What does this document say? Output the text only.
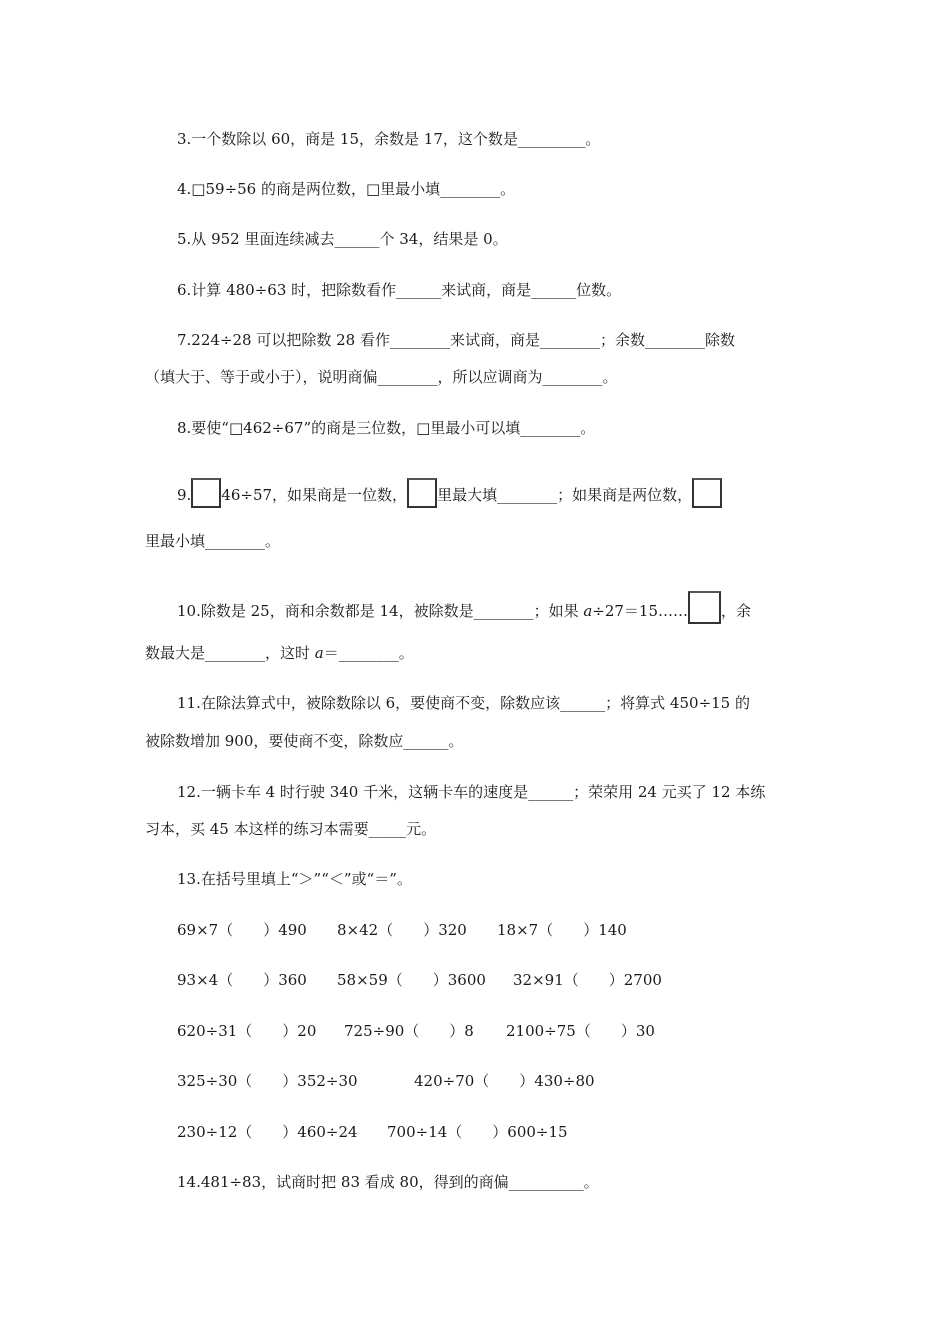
3.一个数除以 60，商是 15，余数是 17，这个数是_________。

4.□59÷56 的商是两位数，□里最小填________。

5.从 952 里面连续减去______个 34，结果是 0。

6.计算 480÷63 时，把除数看作______来试商，商是______位数。

7.224÷28 可以把除数 28 看作________来试商，商是________；余数________除数

（填大于、等于或小于），说明商偏________，所以应调商为________。

8.要使“□462÷67”的商是三位数，□里最小可以填________。

9. 46÷57，如果商是一位数， 里最大填________；如果商是两位数，

里最小填________。

10.除数是 25，商和余数都是 14，被除数是________；如果 𝑎÷27＝15…… ，余

数最大是________，这时 𝑎＝________。

11.在除法算式中，被除数除以 6，要使商不变，除数应该______；将算式 450÷15 的

被除数增加 900，要使商不变，除数应______。

12.一辆卡车 4 时行驶 340 千米，这辆卡车的速度是______；荣荣用 24 元买了 12 本练

习本，买 45 本这样的练习本需要_____元。

13.在括号里填上“＞”“＜”或“＝”。

69×7（　　）490 8×42（　　）320 18×7（　　）140

93×4（　　）360 58×59（　　）3600 32×91（　　）2700

620÷31（　　）20 725÷90（　　）8 2100÷75（　　）30

325÷30（　　）352÷30	420÷70（　　）430÷80

230÷12（　　）460÷24 700÷14（　　）600÷15

14.481÷83，试商时把 83 看成 80，得到的商偏__________。
